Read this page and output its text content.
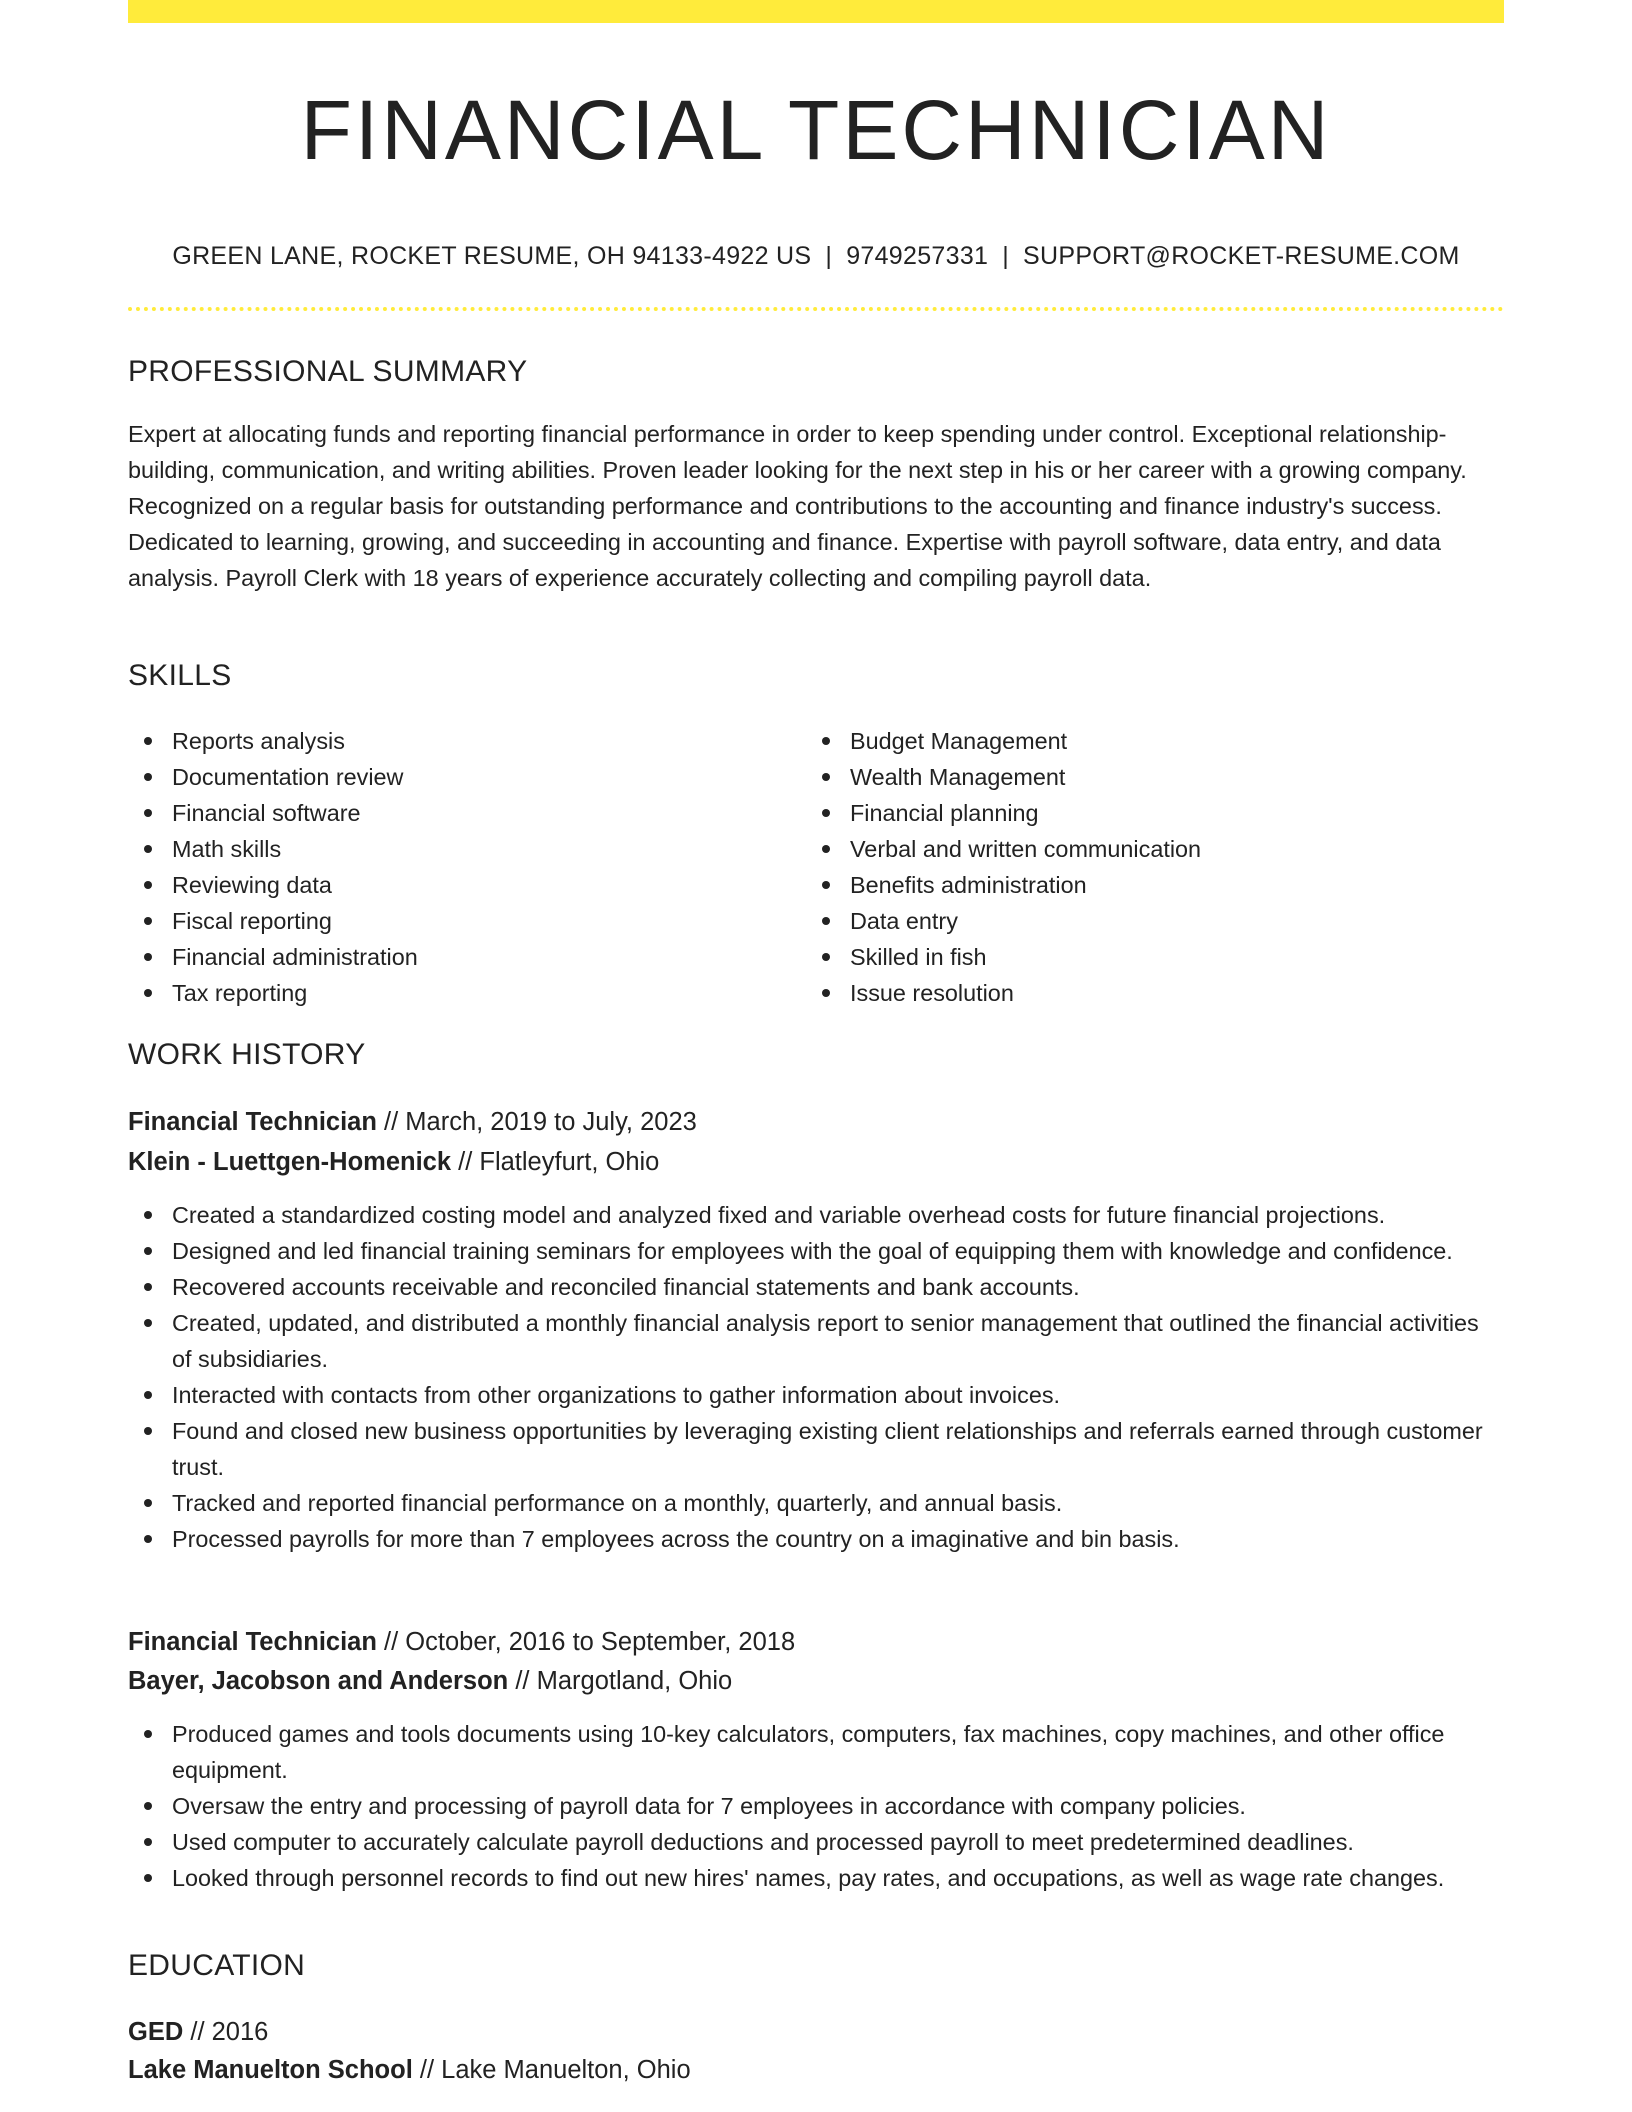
FINANCIAL TECHNICIAN
GREEN LANE, ROCKET RESUME, OH 94133-4922 US | 9749257331 | SUPPORT@ROCKET-RESUME.COM
PROFESSIONAL SUMMARY

Expert at allocating funds and reporting financial performance in order to keep spending under control. Exceptional relationship-building, communication, and writing abilities. Proven leader looking for the next step in his or her career with a growing company. Recognized on a regular basis for outstanding performance and contributions to the accounting and finance industry's success. Dedicated to learning, growing, and succeeding in accounting and finance. Expertise with payroll software, data entry, and data analysis. Payroll Clerk with 18 years of experience accurately collecting and compiling payroll data.

SKILLS
Reports analysis
Documentation review
Financial software
Math skills
Reviewing data
Fiscal reporting
Financial administration
Tax reporting
Budget Management
Wealth Management
Financial planning
Verbal and written communication
Benefits administration
Data entry
Skilled in fish
Issue resolution
WORK HISTORY
Financial Technician // March, 2019 to July, 2023
Klein - Luettgen-Homenick // Flatleyfurt, Ohio
Created a standardized costing model and analyzed fixed and variable overhead costs for future financial projections.
Designed and led financial training seminars for employees with the goal of equipping them with knowledge and confidence.
Recovered accounts receivable and reconciled financial statements and bank accounts.
Created, updated, and distributed a monthly financial analysis report to senior management that outlined the financial activities of subsidiaries.
Interacted with contacts from other organizations to gather information about invoices.
Found and closed new business opportunities by leveraging existing client relationships and referrals earned through customer trust.
Tracked and reported financial performance on a monthly, quarterly, and annual basis.
Processed payrolls for more than 7 employees across the country on a imaginative and bin basis.
Financial Technician // October, 2016 to September, 2018
Bayer, Jacobson and Anderson // Margotland, Ohio
Produced games and tools documents using 10-key calculators, computers, fax machines, copy machines, and other office equipment.
Oversaw the entry and processing of payroll data for 7 employees in accordance with company policies.
Used computer to accurately calculate payroll deductions and processed payroll to meet predetermined deadlines.
Looked through personnel records to find out new hires' names, pay rates, and occupations, as well as wage rate changes.
EDUCATION
GED // 2016
Lake Manuelton School // Lake Manuelton, Ohio
